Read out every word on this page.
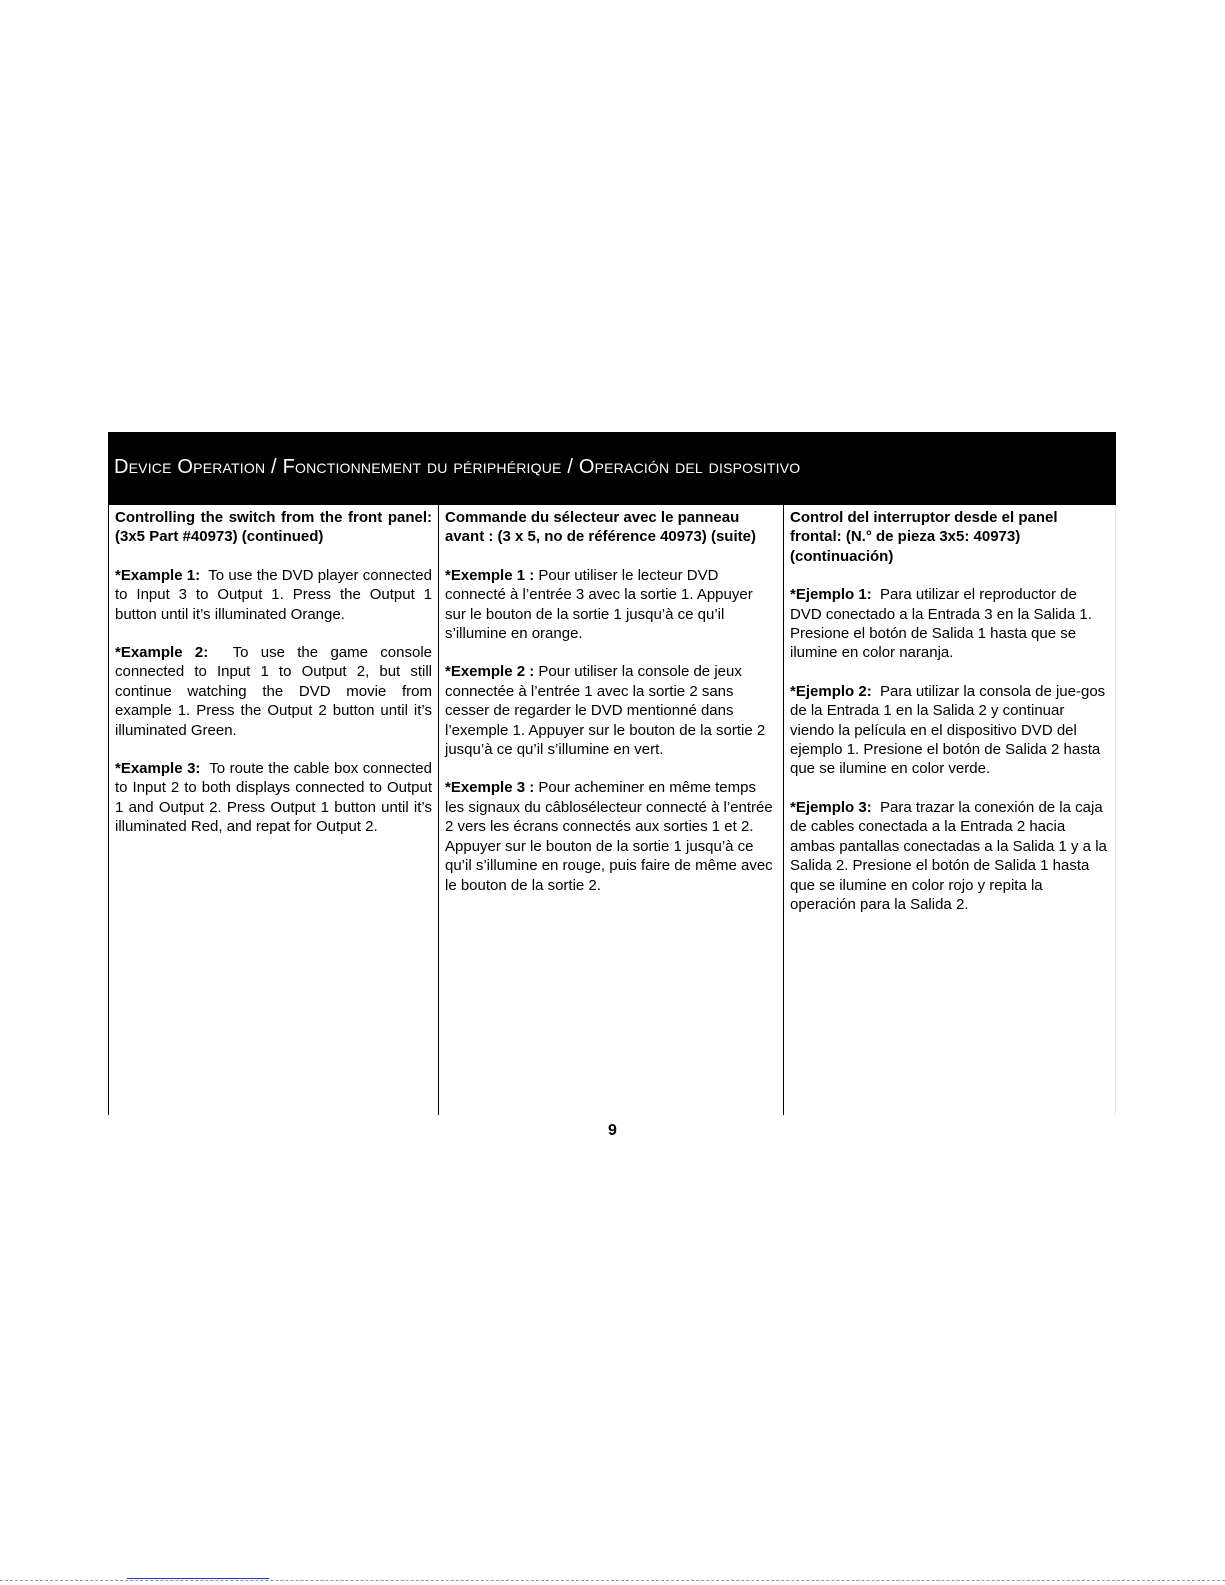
Device Operation / Fonctionnement du périphérique / Operación del dispositivo
Controlling the switch from the front panel: (3x5 Part #40973) (continued)
*Example 1: To use the DVD player connected to Input 3 to Output 1. Press the Output 1 button until it’s illuminated Orange.
*Example 2: To use the game console connected to Input 1 to Output 2, but still continue watching the DVD movie from example 1. Press the Output 2 button until it’s illuminated Green.
*Example 3: To route the cable box connected to Input 2 to both displays connected to Output 1 and Output 2. Press Output 1 button until it’s illuminated Red, and repat for Output 2.
Commande du sélecteur avec le panneau avant : (3 x 5, no de référence 40973) (suite)
*Exemple 1 : Pour utiliser le lecteur DVD connecté à l’entrée 3 avec la sortie 1. Appuyer sur le bouton de la sortie 1 jusqu’à ce qu’il s’illumine en orange.
*Exemple 2 : Pour utiliser la console de jeux connectée à l’entrée 1 avec la sortie 2 sans cesser de regarder le DVD mentionné dans l’exemple 1. Appuyer sur le bouton de la sortie 2 jusqu’à ce qu’il s’illumine en vert.
*Exemple 3 : Pour acheminer en même temps les signaux du câblosélecteur connecté à l’entrée 2 vers les écrans connectés aux sorties 1 et 2. Appuyer sur le bouton de la sortie 1 jusqu’à ce qu’il s’illumine en rouge, puis faire de même avec le bouton de la sortie 2.
Control del interruptor desde el panel frontal: (N.° de pieza 3x5: 40973) (continuación)
*Ejemplo 1: Para utilizar el reproductor de DVD conectado a la Entrada 3 en la Salida 1. Presione el botón de Salida 1 hasta que se ilumine en color naranja.
*Ejemplo 2: Para utilizar la consola de jue-gos de la Entrada 1 en la Salida 2 y continuar viendo la película en el dispositivo DVD del ejemplo 1. Presione el botón de Salida 2 hasta que se ilumine en color verde.
*Ejemplo 3: Para trazar la conexión de la caja de cables conectada a la Entrada 2 hacia ambas pantallas conectadas a la Salida 1 y a la Salida 2. Presione el botón de Salida 1 hasta que se ilumine en color rojo y repita la operación para la Salida 2.
9
